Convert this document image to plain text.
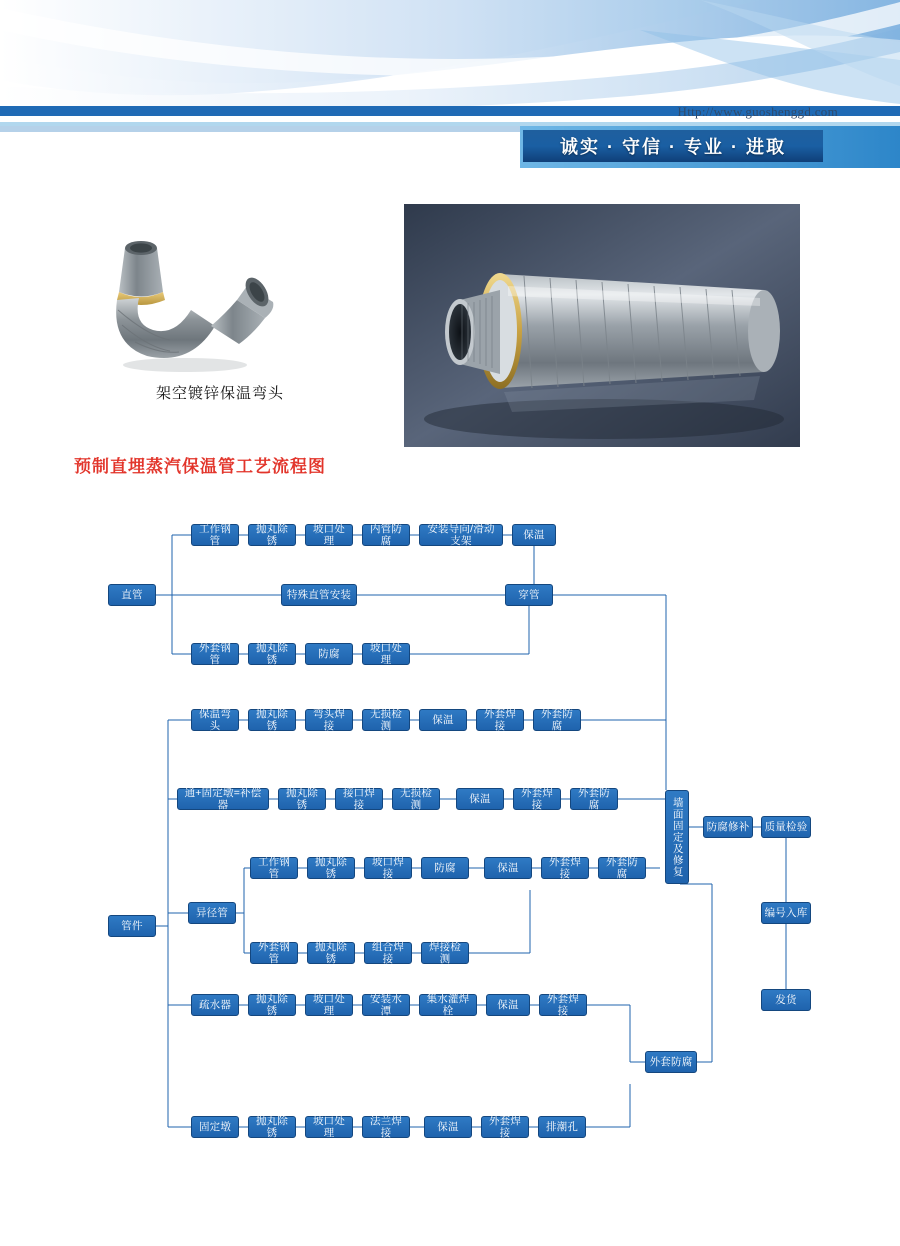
Http://www.guoshenggd.com
诚实 · 守信 · 专业 · 进取
架空镀锌保温弯头
预制直埋蒸汽保温管工艺流程图
工作钢管
抛丸除锈
坡口处理
内管防腐
安装导向/滑动支架
保温
直管	特殊直管安装	穿管
外套钢管
抛丸除锈
防腐
坡口处理
保温弯头
抛丸除锈
弯头焊接
无损检测
保温
外套焊接
外套防腐
通+固定墩=补偿器
抛丸除锈
接口焊接
无损检测
保温
外套焊接
外套防腐
工作钢管
抛丸除锈
坡口焊接
防腐	保温
外套焊接
外套防腐
异径管
管件
外套钢管
抛丸除锈
组合焊接
焊接检测
疏水器
抛丸除锈
坡口处理
安装水潭
集水灌焊栓
保温
外套焊接
外套防腐
固定墩
抛丸除锈
坡口处理
法兰焊接
保温
外套焊接
排潮孔
墙面固定及修复	防腐修补	质量检验
编号入库
发货
